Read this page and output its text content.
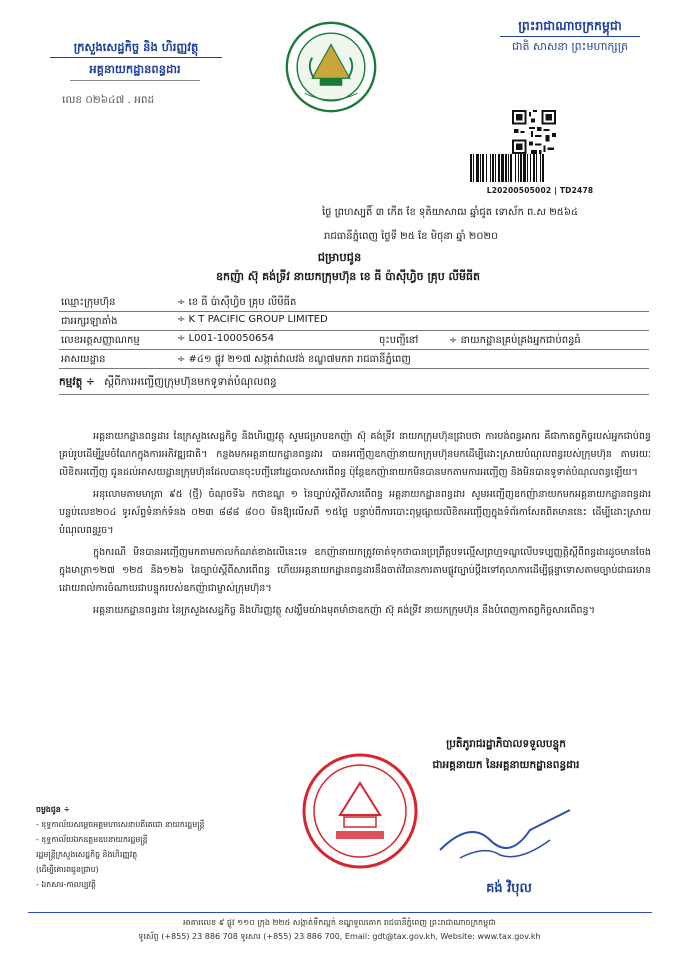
ក្រសួងសេដ្ឋកិច្ច និង ហិរញ្ញវត្ថុ
អគ្គនាយកដ្ឋានពន្ធដារ
លេខ ០២៦៤៧ . អពដ
ព្រះរាជាណាចក្រកម្ពុជា
ជាតិ សាសនា ព្រះមហាក្សត្រ
L20200505002 | TD2478
ថ្ងៃ ព្រហស្បតិ៍ ៣ កើត ខែ ទុតិយាសាឍ ឆ្នាំជូត ទោស័ក ព.ស ២៥៦៤
រាជធានីភ្នំពេញ ថ្ងៃទី ២៥ ខែ មិថុនា ឆ្នាំ ២០២០
ជម្រាបជូន
ឧកញ៉ា ស៊ុ គង់ទ្រីវ នាយកក្រុមហ៊ុន ខេ ធី ប៉ាស៊ីហ្វិច គ្រុប លីមីធីត
ឈ្មោះក្រុមហ៊ុន	÷ ខេ ធី ប៉ាស៊ីហ្វិច គ្រុប លីមីធីត
ជាអក្សរឡាតាំង	÷ K T PACIFIC GROUP LIMITED
លេខអត្តសញ្ញាណកម្ម	÷ L001-100050654	ចុះបញ្ជីនៅ	÷ នាយកដ្ឋានគ្រប់គ្រងអ្នកជាប់ពន្ធធំ
អាសយដ្ឋាន	÷ #៤១ ផ្លូវ ២១៧ សង្កាត់វាលវង់ ខណ្ឌ៧មករា រាជធានីភ្នំពេញ
កម្មវត្ថុ ÷ ស្តីពីការអញ្ជើញក្រុមហ៊ុនមកទូទាត់បំណុលពន្ធ

អគ្គនាយកដ្ឋានពន្ធដារ នៃក្រសួងសេដ្ឋកិច្ច និងហិរញ្ញវត្ថុ សូមជម្រាបឧកញ៉ា ស៊ុ គង់ទ្រីវ នាយកក្រុមហ៊ុនជ្រាបថា ការបង់ពន្ធអាករ គឺជាកាតព្វកិច្ចរបស់អ្នកជាប់ពន្ធគ្រប់រូបដើម្បីរួមចំណែកក្នុងការអភិវឌ្ឍជាតិ។ កន្លងមកអគ្គនាយកដ្ឋានពន្ធដារ បានអញ្ជើញឧកញ៉ានាយកក្រុមហ៊ុនមកដើម្បីដោះស្រាយបំណុលពន្ធរបស់ក្រុមហ៊ុន តាមរយៈលិខិតអញ្ជើញ ជូនដល់អាសយដ្ឋានក្រុមហ៊ុនដែលបានចុះបញ្ជីនៅរដ្ឋបាលសារពើពន្ធ ប៉ុន្តែឧកញ៉ានាយកមិនបានមកតាមការអញ្ជើញ និងមិនបានទូទាត់បំណុលពន្ធឡើយ។

អនុលោមតាមមាត្រា ៩៥ (ថ្មី) ចំណុចទី៦ កថាខណ្ឌ ១ នៃច្បាប់ស្តីពីសារពើពន្ធ អគ្គនាយកដ្ឋានពន្ធដារ សូមអញ្ជើញឧកញ៉ានាយកមកអគ្គនាយកដ្ឋានពន្ធដារ បន្ទប់លេខ២០៤ ទូរស័ព្ទទំនាក់ទំនង ០២៣ ៨៨៨ ៨០០ មិនឱ្យលើសពី ១៥ថ្ងៃ បន្ទាប់ពីការបោះពុម្ពផ្សាយលិខិតអញ្ជើញក្នុងទំព័រកាសែតពិតមាននេះ ដើម្បីដោះស្រាយបំណុលពន្ធរួច។

ក្នុងករណី មិនបានអញ្ជើញមកតាមកាលកំណត់ខាងលើនេះទេ ឧកញ៉ានាយកត្រូវចាត់ទុកថាបានប្រព្រឹត្តបទល្មើសព្រហ្មទណ្ឌលើបទប្បញ្ញត្តិស្តីពីពន្ធដារដូចមានចែងក្នុងមាត្រា១២៧ ១២៥ និង១២៦ នៃច្បាប់ស្តីពីសារពើពន្ធ ហើយអគ្គនាយកដ្ឋានពន្ធដារនឹងចាត់វិធានការតាមផ្លូវច្បាប់ប្ដឹងទៅតុលាការដើម្បីផ្តន្ទាទោសតាមច្បាប់ជាធរមាន ដោយរាល់ការចំណាយជាបន្ទុករបស់ឧកញ៉ាជាម្ចាស់ក្រុមហ៊ុន។

អគ្គនាយកដ្ឋានពន្ធដារ នៃក្រសួងសេដ្ឋកិច្ច និងហិរញ្ញវត្ថុ សង្ឃឹមយ៉ាងមុតមាំថាឧកញ៉ា ស៊ុ គង់ទ្រីវ នាយកក្រុមហ៊ុន នឹងបំពេញកាតព្វកិច្ចសារពើពន្ធ។

ប្រតិភូរាជរដ្ឋាភិបាលទទួលបន្ទុក
ជាអគ្គនាយក នៃអគ្គនាយកដ្ឋានពន្ធដារ
គង់ វិបុល
ចម្លងជូន ÷
- ខុទ្ទកាល័យសម្តេចអគ្គមហាសេនាបតីតេជោ នាយករដ្ឋមន្ត្រី
- ខុទ្ទកាល័យឯកឧត្តមឧបនាយករដ្ឋមន្ត្រី
រដ្ឋមន្ត្រីក្រសួងសេដ្ឋកិច្ច និងហិរញ្ញវត្ថុ
(ដើម្បីគោរពជូនជ្រាប)
- ឯកសារ-កាលប្បវត្តិ
អាគារលេខ ៩ ផ្លូវ ១១០ ក្រុង ២២៥ សង្កាត់ទឹកល្អក់ ខណ្ឌទួលគោក រាជធានីភ្នំពេញ ព្រះរាជាណាចក្រកម្ពុជា
ទូរស័ព្ទ (+855) 23 886 708 ទូរសារ (+855) 23 886 700, Email: gdt@tax.gov.kh, Website: www.tax.gov.kh
